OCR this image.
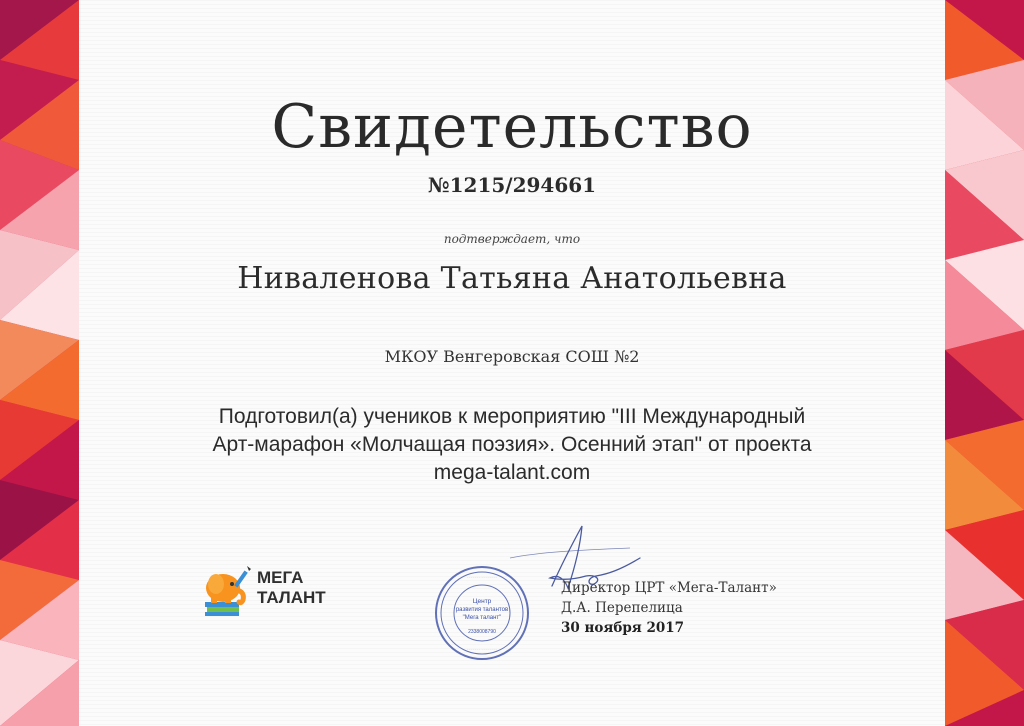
Свидетельство
№1215/294661
подтверждает, что
Ниваленова Татьяна Анатольевна
МКОУ Венгеровская СОШ №2
Подготовил(а) учеников к мероприятию "III Международный
Арт-марафон «Молчащая поэзия». Осенний этап" от проекта
mega-talant.com
МЕГА
ТАЛАНТ
· · · · · · · · · · · · · · ·
· · · · · · · · · · · · · · ·
Центр
развития талантов
"Мега талант"
2338008790
Директор ЦРТ «Мега-Талант»
Д.А. Перепелица
30 ноября 2017
